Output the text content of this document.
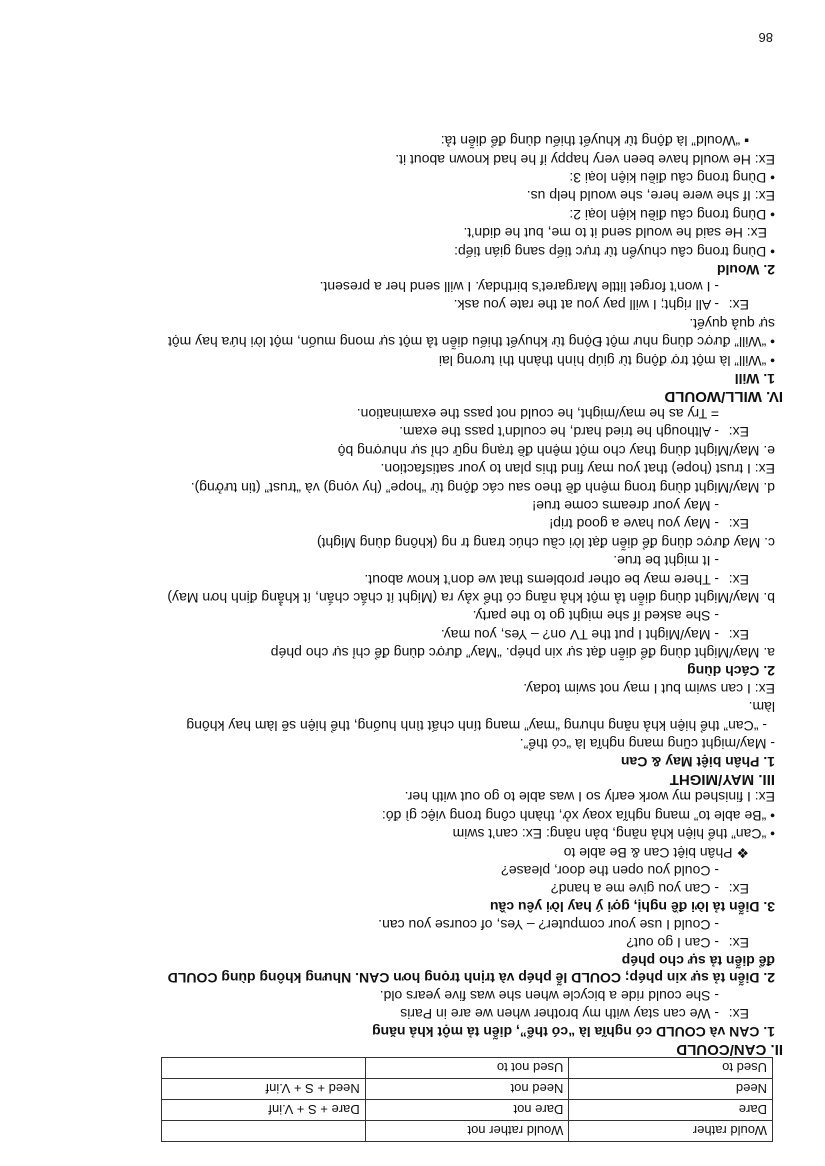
Would rather	Would rather not	
Dare	Dare not	Dare + S + V.inf
Need	Need not	Need + S + V.inf
Used to	Used not to	

II. CAN/COULD

1. CAN và COULD có nghĩa là “có thể”, diễn tả một khả năng

Ex:- We can stay with my brother when we are in Paris

- She could ride a bicycle when she was five years old.

2. Diễn tả sự xin phép; COULD lễ phép và trịnh trọng hơn CAN. Nhưng không dùng COULD

để diễn tả sự cho phép

Ex:- Can I go out?

- Could I use your computer? – Yes, of course you can.

3. Diễn tả lời đề nghị, gợi ý hay lời yêu cầu

Ex:- Can you give me a hand?

- Could you open the door, please?

❖ Phân biệt Can & Be able to

• “Can” thể hiện khả năng, bản năng: Ex: can’t swim

• “Be able to” mang nghĩa xoay xở, thành công trong việc gì đó:

Ex: I finished my work early so I was able to go out with her.

III. MAY/MIGHT

1. Phân biệt May & Can

- May/might cũng mang nghĩa là “có thể”.

- “Can” thể hiện khả năng nhưng “may” mang tính chất tình huống, thể hiện sẽ làm hay không

làm.

Ex: I can swim but I may not swim today.

2. Cách dùng

a. May/Might dùng để diễn đạt sự xin phép. “May” được dùng để chỉ sự cho phép

Ex:- May/Might I put the TV on? – Yes, you may.

- She asked if she might go to the party.

b. May/Might dùng diễn tả một khả năng có thể xảy ra (Might ít chắc chắn, ít khẳng định hơn May)

Ex:- There may be other problems that we don’t know about.

- It might be true.

c. May được dùng để diễn đạt lời cầu chúc trang tr ng (không dùng Might)

Ex:- May you have a good trip!

- May your dreams come true!

d. May/Might dùng trong mệnh đề theo sau các động từ “hope” (hy vọng) và “trust” (tin tưởng).

Ex: I trust (hope) that you may find this plan to your satisfaction.

e. May/Might dùng thay cho một mệnh đề trạng ngữ chỉ sự nhượng bộ

Ex:- Although he tried hard, he couldn’t pass the exam.

= Try as he may/might, he could not pass the examination.

IV. WILL/WOULD

1. Will

• “Will” là một trợ động từ giúp hình thành thì tương lai

• “Will” được dùng như một Động từ khuyết thiếu diễn tả một sự mong muốn, một lời hứa hay một

sự quả quyết.

Ex:- All right; I will pay you at the rate you ask.

- I won’t forget little Margaret’s birthday. I will send her a present.

2. Would

• Dùng trong câu chuyển từ trực tiếp sang gián tiếp:

Ex: He said he would send it to me, but he didn’t.

• Dùng trong câu điều kiện loại 2:

Ex: If she were here, she would help us.

• Dùng trong câu điều kiện loại 3:

Ex: He would have been very happy if he had known about it.

▪ “Would” là động từ khuyết thiếu dùng để diễn tả:

86
